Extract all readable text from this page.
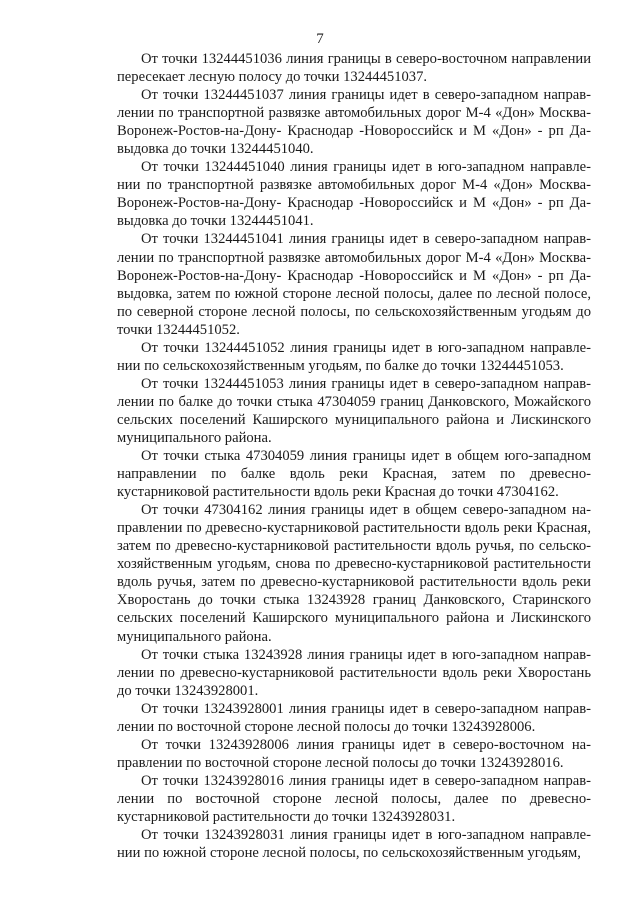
7

От точки 13244451036 линия границы в северо-восточном направлении пересекает лесную полосу до точки 13244451037.

От точки 13244451037 линия границы идет в северо-западном направлении по транспортной развязке автомобильных дорог М-4 «Дон» Москва-Воронеж-Ростов-на-Дону- Краснодар -Новороссийск и М «Дон» - рп Давыдовка до точки 13244451040.

От точки 13244451040 линия границы идет в юго-западном направлении по транспортной развязке автомобильных дорог М-4 «Дон» Москва-Воронеж-Ростов-на-Дону- Краснодар -Новороссийск и М «Дон» - рп Давыдовка до точки 13244451041.

От точки 13244451041 линия границы идет в северо-западном направлении по транспортной развязке автомобильных дорог М-4 «Дон» Москва-Воронеж-Ростов-на-Дону- Краснодар -Новороссийск и М «Дон» - рп Давыдовка, затем по южной стороне лесной полосы, далее по лесной полосе, по северной стороне лесной полосы, по сельскохозяйственным угодьям до точки 13244451052.

От точки 13244451052 линия границы идет в юго-западном направлении по сельскохозяйственным угодьям, по балке до точки 13244451053.

От точки 13244451053 линия границы идет в северо-западном направлении по балке до точки стыка 47304059 границ Данковского, Можайского сельских поселений Каширского муниципального района и Лискинского муниципального района.

От точки стыка 47304059 линия границы идет в общем юго-западном направлении по балке вдоль реки Красная, затем по древесно-кустарниковой растительности вдоль реки Красная до точки 47304162.

От точки 47304162 линия границы идет в общем северо-западном направлении по древесно-кустарниковой растительности вдоль реки Красная, затем по древесно-кустарниковой растительности вдоль ручья, по сельскохозяйственным угодьям, снова по древесно-кустарниковой растительности вдоль ручья, затем по древесно-кустарниковой растительности вдоль реки Хворостань до точки стыка 13243928 границ Данковского, Старинского сельских поселений Каширского муниципального района и Лискинского муниципального района.

От точки стыка 13243928 линия границы идет в юго-западном направлении по древесно-кустарниковой растительности вдоль реки Хворостань до точки 13243928001.

От точки 13243928001 линия границы идет в северо-западном направлении по восточной стороне лесной полосы до точки 13243928006.

От точки 13243928006 линия границы идет в северо-восточном направлении по восточной стороне лесной полосы до точки 13243928016.

От точки 13243928016 линия границы идет в северо-западном направлении по восточной стороне лесной полосы, далее по древесно-кустарниковой растительности до точки 13243928031.

От точки 13243928031 линия границы идет в юго-западном направлении по южной стороне лесной полосы, по сельскохозяйственным угодьям,
